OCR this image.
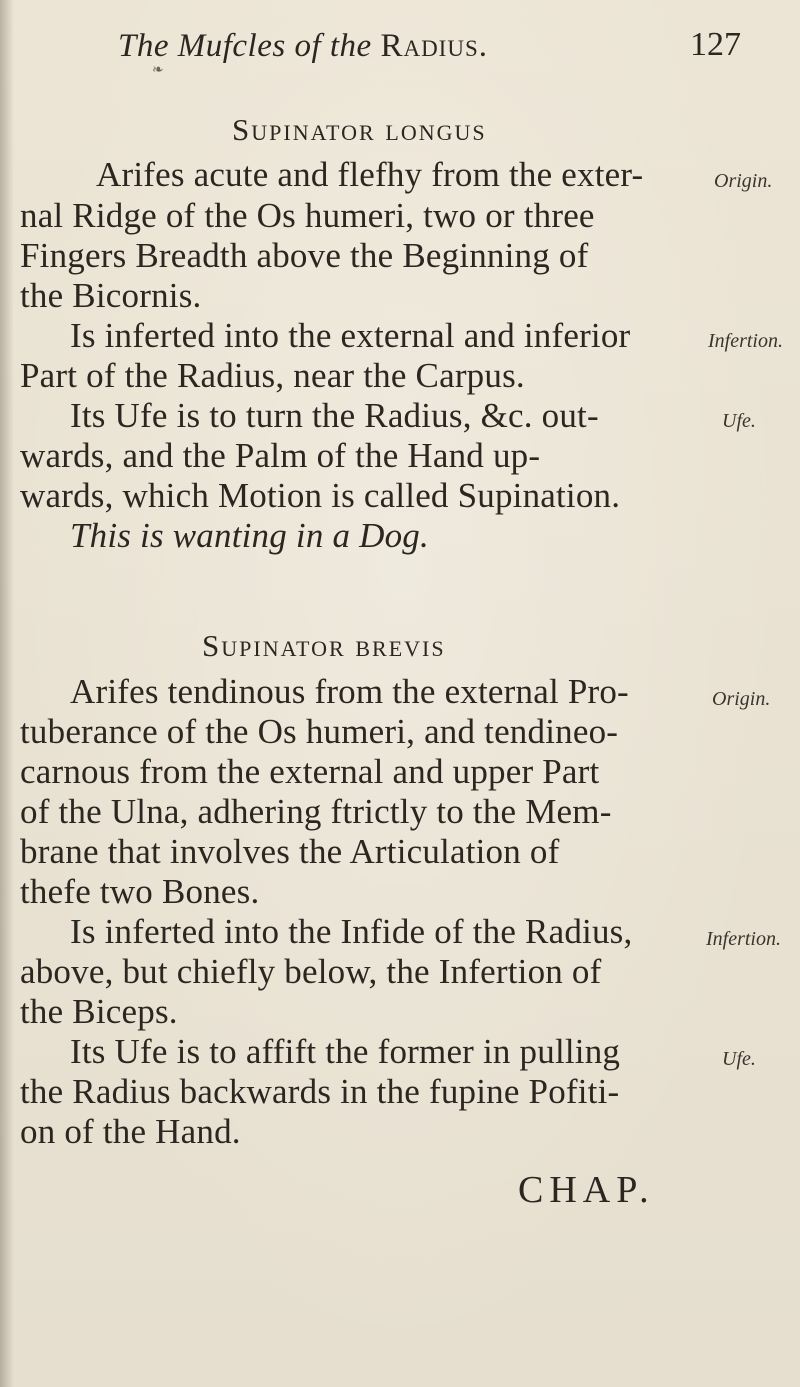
The Mufcles of the Radius.	127
❧
Supinator longus
Arifes acute and flefhy from the exter-
nal Ridge of the Os humeri, two or three
Fingers Breadth above the Beginning of
the Bicornis.
Is inferted into the external and inferior
Part of the Radius, near the Carpus.
Its Ufe is to turn the Radius, &c. out-
wards, and the Palm of the Hand up-
wards, which Motion is called Supination.
This is wanting in a Dog.
Origin.
Infertion.
Ufe.
Supinator brevis
Arifes tendinous from the external Pro-
tuberance of the Os humeri, and tendineo-
carnous from the external and upper Part
of the Ulna, adhering ftrictly to the Mem-
brane that involves the Articulation of
thefe two Bones.
Is inferted into the Infide of the Radius,
above, but chiefly below, the Infertion of
the Biceps.
Its Ufe is to affift the former in pulling
the Radius backwards in the fupine Pofiti-
on of the Hand.
Origin.
Infertion.
Ufe.
CHAP.
